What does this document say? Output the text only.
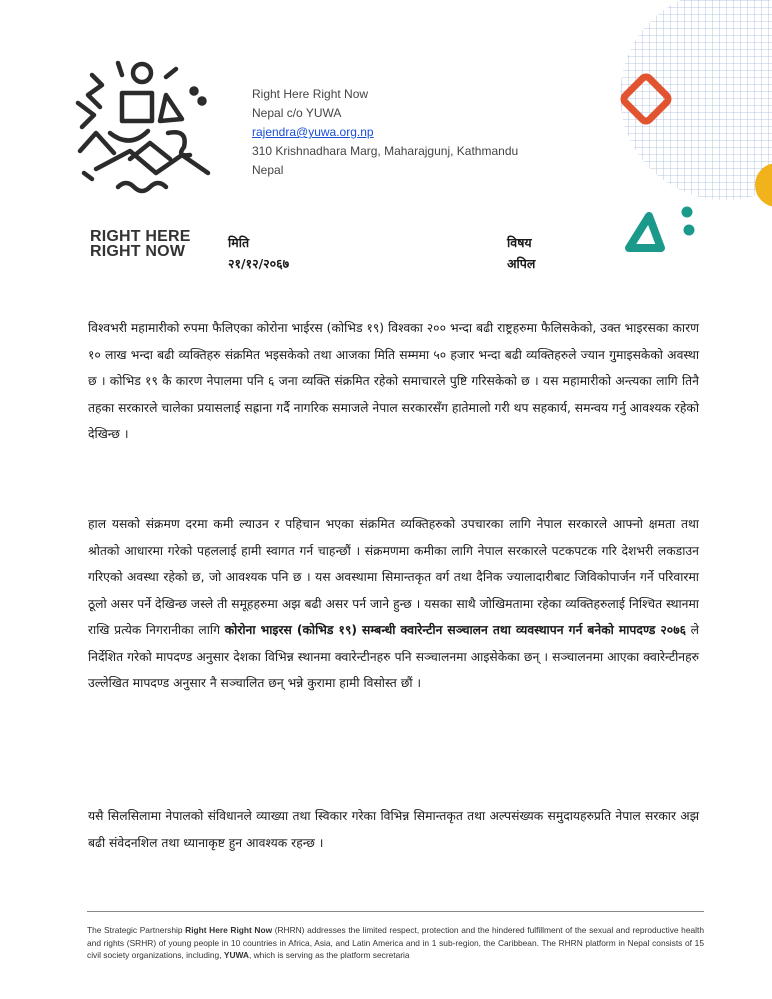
RIGHT HERE
RIGHT NOW
Right Here Right Now
Nepal c/o YUWA
rajendra@yuwa.org.np
310 Krishnadhara Marg, Maharajgunj, Kathmandu
Nepal
मिति
२१/१२/२०६७
विषय
अपिल

विश्वभरी महामारीको रुपमा फैलिएका कोरोना भाईरस (कोभिड १९) विश्वका २०० भन्दा बढी राष्ट्रहरुमा फैलिसकेको, उक्त भाइरसका कारण १० लाख भन्दा बढी व्यक्तिहरु संक्रमित भइसकेको तथा आजका मिति सम्ममा ५० हजार भन्दा बढी व्यक्तिहरुले ज्यान गुमाइसकेको अवस्था छ । कोभिड १९ कै कारण नेपालमा पनि ६ जना व्यक्ति संक्रमित रहेको समाचारले पुष्टि गरिसकेको छ । यस महामारीको अन्त्यका लागि तिनै तहका सरकारले चालेका प्रयासलाई सह्राना गर्दै नागरिक समाजले नेपाल सरकारसँग हातेमालो गरी थप सहकार्य, समन्वय गर्नु आवश्यक रहेको देखिन्छ ।

हाल यसको संक्रमण दरमा कमी ल्याउन र पहिचान भएका संक्रमित व्यक्तिहरुको उपचारका लागि नेपाल सरकारले आफ्नो क्षमता तथा श्रोतको आधारमा गरेको पहललाई हामी स्वागत गर्न चाहन्छौं । संक्रमणमा कमीका लागि नेपाल सरकारले पटकपटक गरि देशभरी लकडाउन गरिएको अवस्था रहेको छ, जो आवश्यक पनि छ । यस अवस्थामा सिमान्तकृत वर्ग तथा दैनिक ज्यालादारीबाट जिविकोपार्जन गर्ने परिवारमा ठूलो असर पर्ने देखिन्छ जस्ले ती समूहहरुमा अझ बढी असर पर्न जाने हुन्छ । यसका साथै जोखिमतामा रहेका व्यक्तिहरुलाई निश्चित स्थानमा राखि प्रत्येक निगरानीका लागि कोरोना भाइरस (कोभिड १९) सम्बन्धी क्वारेन्टीन सञ्चालन तथा व्यवस्थापन गर्न बनेको मापदण्ड २०७६ ले निर्देशित गरेको मापदण्ड अनुसार देशका विभिन्न स्थानमा क्वारेन्टीनहरु पनि सञ्चालनमा आइसेकेका छन् । सञ्चालनमा आएका क्वारेन्टीनहरु उल्लेखित मापदण्ड अनुसार नै सञ्चालित छन् भन्ने कुरामा हामी विसोस्त छौं ।

यसै सिलसिलामा नेपालको संविधानले व्याख्या तथा स्विकार गरेका विभिन्न सिमान्तकृत तथा अल्पसंख्यक समुदायहरुप्रति नेपाल सरकार अझ बढी संवेदनशिल तथा ध्यानाकृष्ट हुन आवश्यक रहन्छ ।

The Strategic Partnership Right Here Right Now (RHRN) addresses the limited respect, protection and the hindered fulfillment of the sexual and reproductive health and rights (SRHR) of young people in 10 countries in Africa, Asia, and Latin America and in 1 sub-region, the Caribbean. The RHRN platform in Nepal consists of 15 civil society organizations, including, YUWA, which is serving as the platform secretaria
